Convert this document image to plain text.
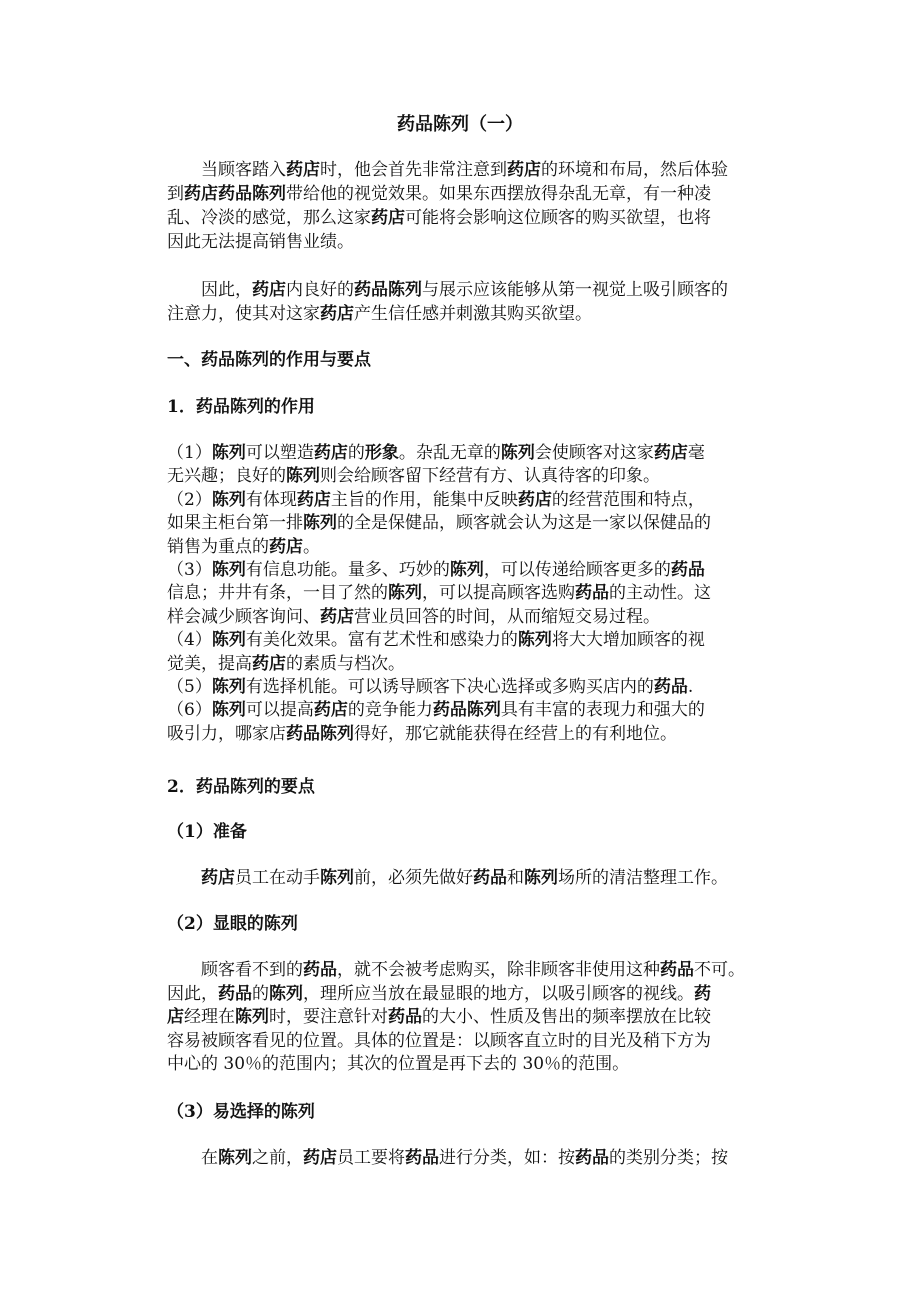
药品陈列（一）
一、药品陈列的作用与要点
1．药品陈列的作用
2．药品陈列的要点
（1）准备
（2）显眼的陈列
（3）易选择的陈列
　　当顾客踏入药店时，他会首先非常注意到药店的环境和布局，然后体验
到药店药品陈列带给他的视觉效果。如果东西摆放得杂乱无章，有一种凌
乱、冷淡的感觉，那么这家药店可能将会影响这位顾客的购买欲望，也将
因此无法提高销售业绩。
　　因此，药店内良好的药品陈列与展示应该能够从第一视觉上吸引顾客的
注意力，使其对这家药店产生信任感并刺激其购买欲望。
（1）陈列可以塑造药店的形象。杂乱无章的陈列会使顾客对这家药店毫
无兴趣；良好的陈列则会给顾客留下经营有方、认真待客的印象。
（2）陈列有体现药店主旨的作用，能集中反映药店的经营范围和特点，
如果主柜台第一排陈列的全是保健品，顾客就会认为这是一家以保健品的
销售为重点的药店。
（3）陈列有信息功能。量多、巧妙的陈列，可以传递给顾客更多的药品
信息；井井有条，一目了然的陈列，可以提高顾客选购药品的主动性。这
样会减少顾客询问、药店营业员回答的时间，从而缩短交易过程。
（4）陈列有美化效果。富有艺术性和感染力的陈列将大大增加顾客的视
觉美，提高药店的素质与档次。
（5）陈列有选择机能。可以诱导顾客下决心选择或多购买店内的药品.
（6）陈列可以提高药店的竞争能力药品陈列具有丰富的表现力和强大的
吸引力，哪家店药品陈列得好，那它就能获得在经营上的有利地位。
　　药店员工在动手陈列前，必须先做好药品和陈列场所的清洁整理工作。
　　顾客看不到的药品，就不会被考虑购买，除非顾客非使用这种药品不可。
因此，药品的陈列，理所应当放在最显眼的地方，以吸引顾客的视线。药
店经理在陈列时，要注意针对药品的大小、性质及售出的频率摆放在比较
容易被顾客看见的位置。具体的位置是：以顾客直立时的目光及稍下方为
中心的 30％的范围内；其次的位置是再下去的 30％的范围。
　　在陈列之前，药店员工要将药品进行分类，如：按药品的类别分类；按
